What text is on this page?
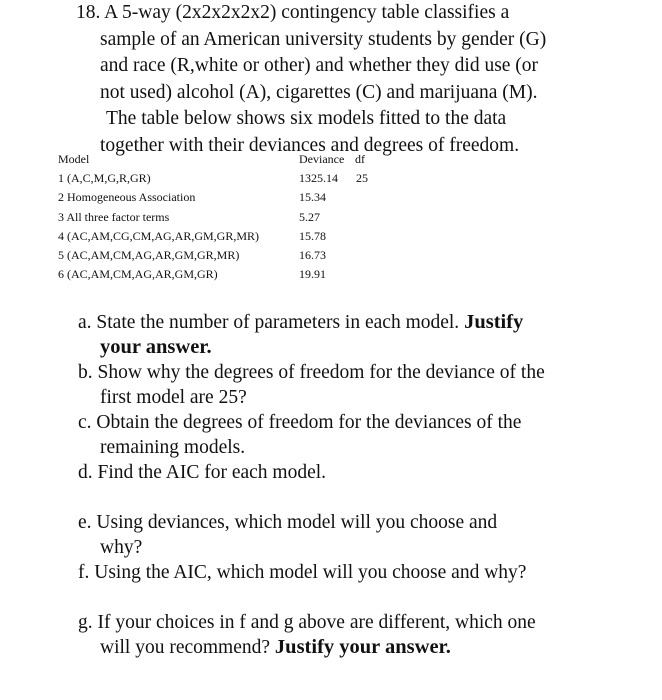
18. A 5-way (2x2x2x2x2) contingency table classifies a
sample of an American university students by gender (G)
and race (R,white or other) and whether they did use (or
not used) alcohol (A), cigarettes (C) and marijuana (M).
The table below shows six models fitted to the data
together with their deviances and degrees of freedom.
Model	Deviance df
1 (A,C,M,G,R,GR)	1325.14 25
2 Homogeneous Association	15.34
3 All three factor terms	5.27
4 (AC,AM,CG,CM,AG,AR,GM,GR,MR)	15.78
5 (AC,AM,CM,AG,AR,GM,GR,MR)	16.73
6 (AC,AM,CM,AG,AR,GM,GR)	19.91
a. State the number of parameters in each model. Justify
your answer.
b. Show why the degrees of freedom for the deviance of the
first model are 25?
c. Obtain the degrees of freedom for the deviances of the
remaining models.
d. Find the AIC for each model.
e. Using deviances, which model will you choose and
why?
f. Using the AIC, which model will you choose and why?
g. If your choices in f and g above are different, which one
will you recommend? Justify your answer.
